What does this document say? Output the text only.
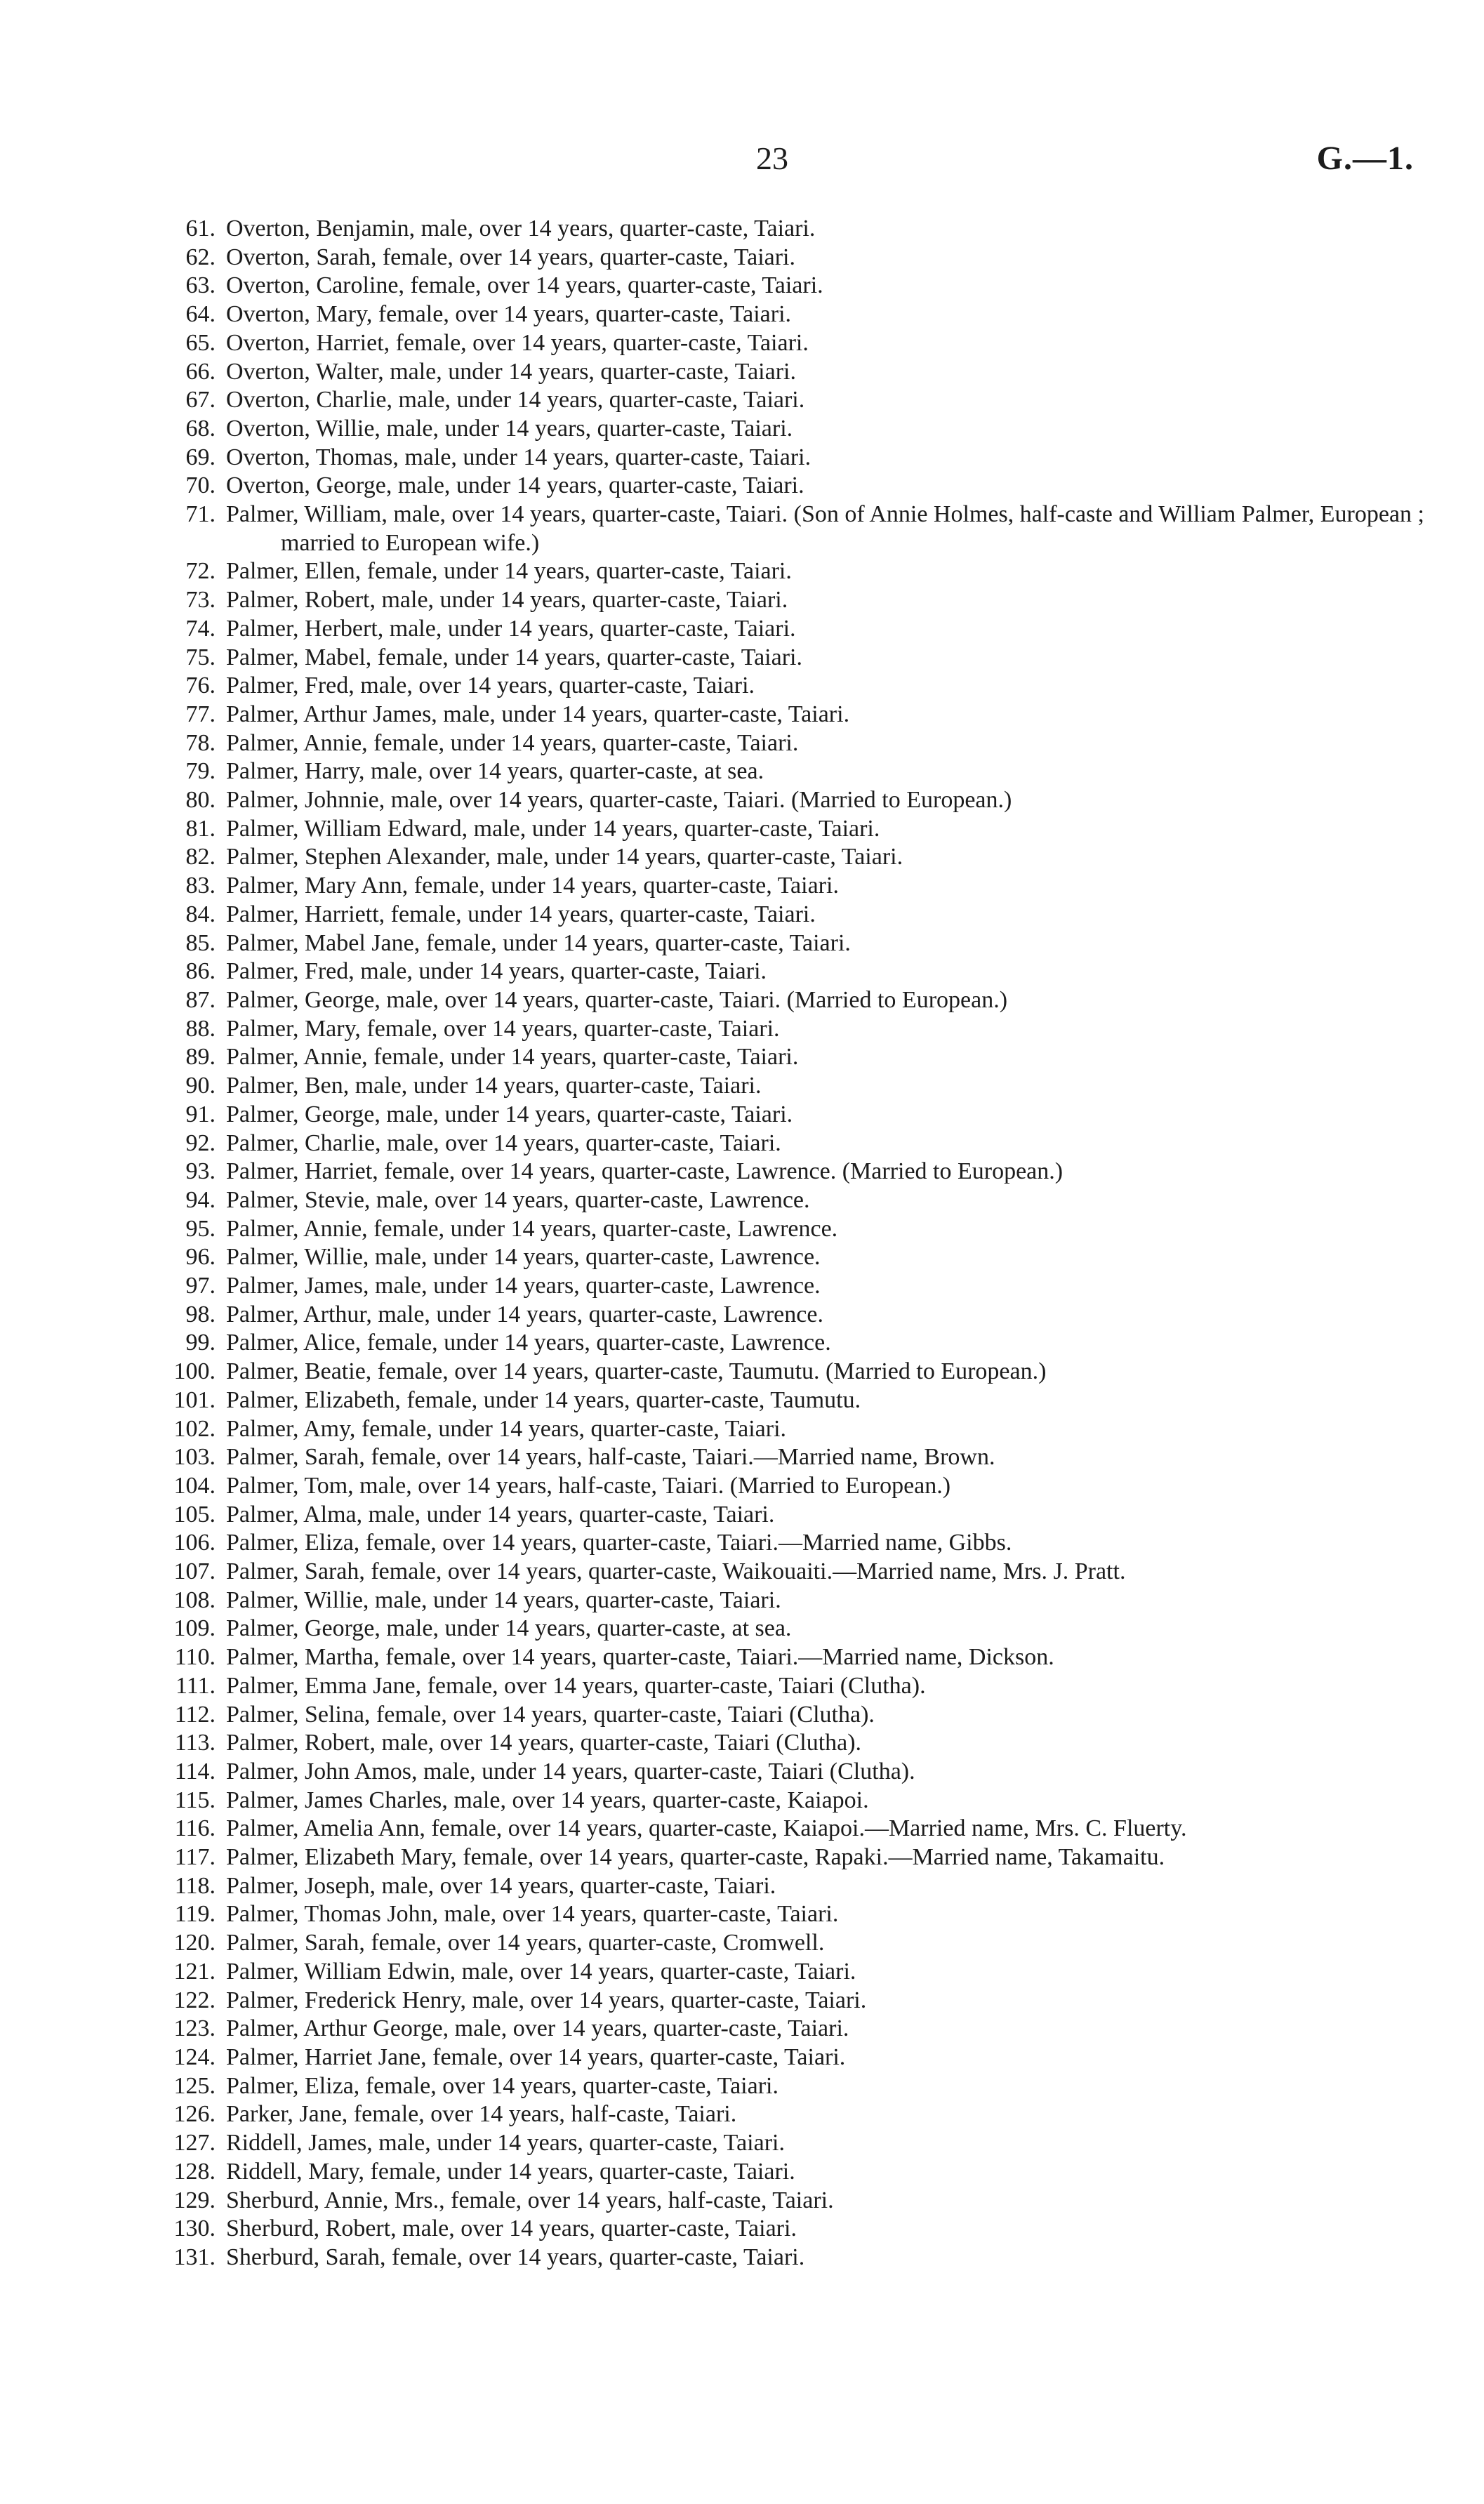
23	G.—1.
61. Overton, Benjamin, male, over 14 years, quarter-caste, Taiari.
62. Overton, Sarah, female, over 14 years, quarter-caste, Taiari.
63. Overton, Caroline, female, over 14 years, quarter-caste, Taiari.
64. Overton, Mary, female, over 14 years, quarter-caste, Taiari.
65. Overton, Harriet, female, over 14 years, quarter-caste, Taiari.
66. Overton, Walter, male, under 14 years, quarter-caste, Taiari.
67. Overton, Charlie, male, under 14 years, quarter-caste, Taiari.
68. Overton, Willie, male, under 14 years, quarter-caste, Taiari.
69. Overton, Thomas, male, under 14 years, quarter-caste, Taiari.
70. Overton, George, male, under 14 years, quarter-caste, Taiari.
71. Palmer, William, male, over 14 years, quarter-caste, Taiari. (Son of Annie Holmes, half-caste and William Palmer, European ; married to European wife.)
72. Palmer, Ellen, female, under 14 years, quarter-caste, Taiari.
73. Palmer, Robert, male, under 14 years, quarter-caste, Taiari.
74. Palmer, Herbert, male, under 14 years, quarter-caste, Taiari.
75. Palmer, Mabel, female, under 14 years, quarter-caste, Taiari.
76. Palmer, Fred, male, over 14 years, quarter-caste, Taiari.
77. Palmer, Arthur James, male, under 14 years, quarter-caste, Taiari.
78. Palmer, Annie, female, under 14 years, quarter-caste, Taiari.
79. Palmer, Harry, male, over 14 years, quarter-caste, at sea.
80. Palmer, Johnnie, male, over 14 years, quarter-caste, Taiari. (Married to European.)
81. Palmer, William Edward, male, under 14 years, quarter-caste, Taiari.
82. Palmer, Stephen Alexander, male, under 14 years, quarter-caste, Taiari.
83. Palmer, Mary Ann, female, under 14 years, quarter-caste, Taiari.
84. Palmer, Harriett, female, under 14 years, quarter-caste, Taiari.
85. Palmer, Mabel Jane, female, under 14 years, quarter-caste, Taiari.
86. Palmer, Fred, male, under 14 years, quarter-caste, Taiari.
87. Palmer, George, male, over 14 years, quarter-caste, Taiari. (Married to European.)
88. Palmer, Mary, female, over 14 years, quarter-caste, Taiari.
89. Palmer, Annie, female, under 14 years, quarter-caste, Taiari.
90. Palmer, Ben, male, under 14 years, quarter-caste, Taiari.
91. Palmer, George, male, under 14 years, quarter-caste, Taiari.
92. Palmer, Charlie, male, over 14 years, quarter-caste, Taiari.
93. Palmer, Harriet, female, over 14 years, quarter-caste, Lawrence. (Married to European.)
94. Palmer, Stevie, male, over 14 years, quarter-caste, Lawrence.
95. Palmer, Annie, female, under 14 years, quarter-caste, Lawrence.
96. Palmer, Willie, male, under 14 years, quarter-caste, Lawrence.
97. Palmer, James, male, under 14 years, quarter-caste, Lawrence.
98. Palmer, Arthur, male, under 14 years, quarter-caste, Lawrence.
99. Palmer, Alice, female, under 14 years, quarter-caste, Lawrence.
100. Palmer, Beatie, female, over 14 years, quarter-caste, Taumutu. (Married to European.)
101. Palmer, Elizabeth, female, under 14 years, quarter-caste, Taumutu.
102. Palmer, Amy, female, under 14 years, quarter-caste, Taiari.
103. Palmer, Sarah, female, over 14 years, half-caste, Taiari.—Married name, Brown.
104. Palmer, Tom, male, over 14 years, half-caste, Taiari. (Married to European.)
105. Palmer, Alma, male, under 14 years, quarter-caste, Taiari.
106. Palmer, Eliza, female, over 14 years, quarter-caste, Taiari.—Married name, Gibbs.
107. Palmer, Sarah, female, over 14 years, quarter-caste, Waikouaiti.—Married name, Mrs. J. Pratt.
108. Palmer, Willie, male, under 14 years, quarter-caste, Taiari.
109. Palmer, George, male, under 14 years, quarter-caste, at sea.
110. Palmer, Martha, female, over 14 years, quarter-caste, Taiari.—Married name, Dickson.
111. Palmer, Emma Jane, female, over 14 years, quarter-caste, Taiari (Clutha).
112. Palmer, Selina, female, over 14 years, quarter-caste, Taiari (Clutha).
113. Palmer, Robert, male, over 14 years, quarter-caste, Taiari (Clutha).
114. Palmer, John Amos, male, under 14 years, quarter-caste, Taiari (Clutha).
115. Palmer, James Charles, male, over 14 years, quarter-caste, Kaiapoi.
116. Palmer, Amelia Ann, female, over 14 years, quarter-caste, Kaiapoi.—Married name, Mrs. C. Fluerty.
117. Palmer, Elizabeth Mary, female, over 14 years, quarter-caste, Rapaki.—Married name, Takamaitu.
118. Palmer, Joseph, male, over 14 years, quarter-caste, Taiari.
119. Palmer, Thomas John, male, over 14 years, quarter-caste, Taiari.
120. Palmer, Sarah, female, over 14 years, quarter-caste, Cromwell.
121. Palmer, William Edwin, male, over 14 years, quarter-caste, Taiari.
122. Palmer, Frederick Henry, male, over 14 years, quarter-caste, Taiari.
123. Palmer, Arthur George, male, over 14 years, quarter-caste, Taiari.
124. Palmer, Harriet Jane, female, over 14 years, quarter-caste, Taiari.
125. Palmer, Eliza, female, over 14 years, quarter-caste, Taiari.
126. Parker, Jane, female, over 14 years, half-caste, Taiari.
127. Riddell, James, male, under 14 years, quarter-caste, Taiari.
128. Riddell, Mary, female, under 14 years, quarter-caste, Taiari.
129. Sherburd, Annie, Mrs., female, over 14 years, half-caste, Taiari.
130. Sherburd, Robert, male, over 14 years, quarter-caste, Taiari.
131. Sherburd, Sarah, female, over 14 years, quarter-caste, Taiari.
